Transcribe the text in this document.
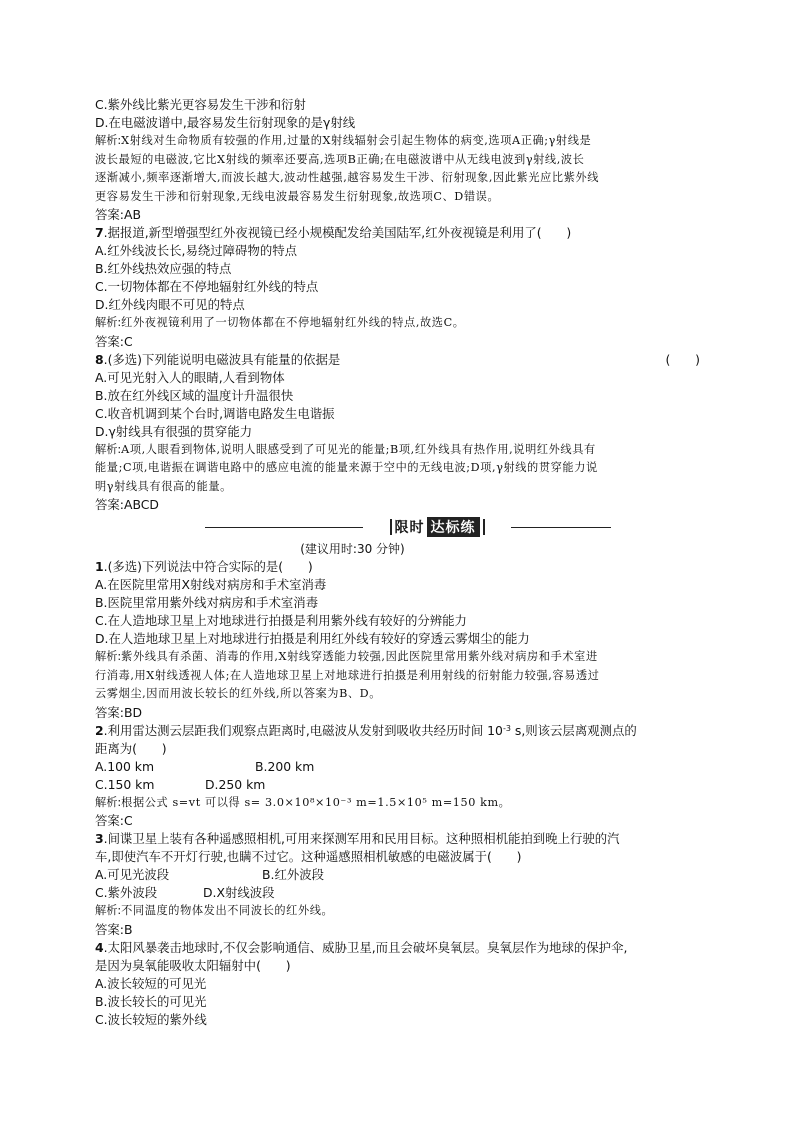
C.紫外线比紫光更容易发生干涉和衍射
D.在电磁波谱中,最容易发生衍射现象的是γ射线
解析:X射线对生命物质有较强的作用,过量的X射线辐射会引起生物体的病变,选项A正确;γ射线是
波长最短的电磁波,它比X射线的频率还要高,选项B正确;在电磁波谱中从无线电波到γ射线,波长
逐渐减小,频率逐渐增大,而波长越大,波动性越强,越容易发生干涉、衍射现象,因此紫光应比紫外线
更容易发生干涉和衍射现象,无线电波最容易发生衍射现象,故选项C、D错误。
答案:AB
7.据报道,新型增强型红外夜视镜已经小规模配发给美国陆军,红外夜视镜是利用了(　　)
A.红外线波长长,易绕过障碍物的特点
B.红外线热效应强的特点
C.一切物体都在不停地辐射红外线的特点
D.红外线肉眼不可见的特点
解析:红外夜视镜利用了一切物体都在不停地辐射红外线的特点,故选C。
答案:C
8.(多选)下列能说明电磁波具有能量的依据是	(　　)
A.可见光射入人的眼睛,人看到物体
B.放在红外线区域的温度计升温很快
C.收音机调到某个台时,调谐电路发生电谐振
D.γ射线具有很强的贯穿能力
解析:A项,人眼看到物体,说明人眼感受到了可见光的能量;B项,红外线具有热作用,说明红外线具有
能量;C项,电谐振在调谐电路中的感应电流的能量来源于空中的无线电波;D项,γ射线的贯穿能力说
明γ射线具有很高的能量。
答案:ABCD
限时 达标练
(建议用时:30 分钟)
1.(多选)下列说法中符合实际的是(　　)
A.在医院里常用X射线对病房和手术室消毒
B.医院里常用紫外线对病房和手术室消毒
C.在人造地球卫星上对地球进行拍摄是利用紫外线有较好的分辨能力
D.在人造地球卫星上对地球进行拍摄是利用红外线有较好的穿透云雾烟尘的能力
解析:紫外线具有杀菌、消毒的作用,X射线穿透能力较强,因此医院里常用紫外线对病房和手术室进
行消毒,用X射线透视人体;在人造地球卫星上对地球进行拍摄是利用射线的衍射能力较强,容易透过
云雾烟尘,因而用波长较长的红外线,所以答案为B、D。
答案:BD
2.利用雷达测云层距我们观察点距离时,电磁波从发射到吸收共经历时间 $10^{-3}$ s,则该云层离观测点的
距离为(　　)
A.100 km	B.200 km
C.150 km	D.250 km
解析:根据公式 s=vt 可以得 s= 3.0×10⁸×10⁻³ m=1.5×10⁵ m=150 km。
答案:C
3.间谍卫星上装有各种遥感照相机,可用来探测军用和民用目标。这种照相机能拍到晚上行驶的汽
车,即使汽车不开灯行驶,也瞒不过它。这种遥感照相机敏感的电磁波属于(　　)
A.可见光波段	B.红外波段
C.紫外波段	D.X射线波段
解析:不同温度的物体发出不同波长的红外线。
答案:B
4.太阳风暴袭击地球时,不仅会影响通信、威胁卫星,而且会破坏臭氧层。臭氧层作为地球的保护伞,
是因为臭氧能吸收太阳辐射中(　　)
A.波长较短的可见光
B.波长较长的可见光
C.波长较短的紫外线
